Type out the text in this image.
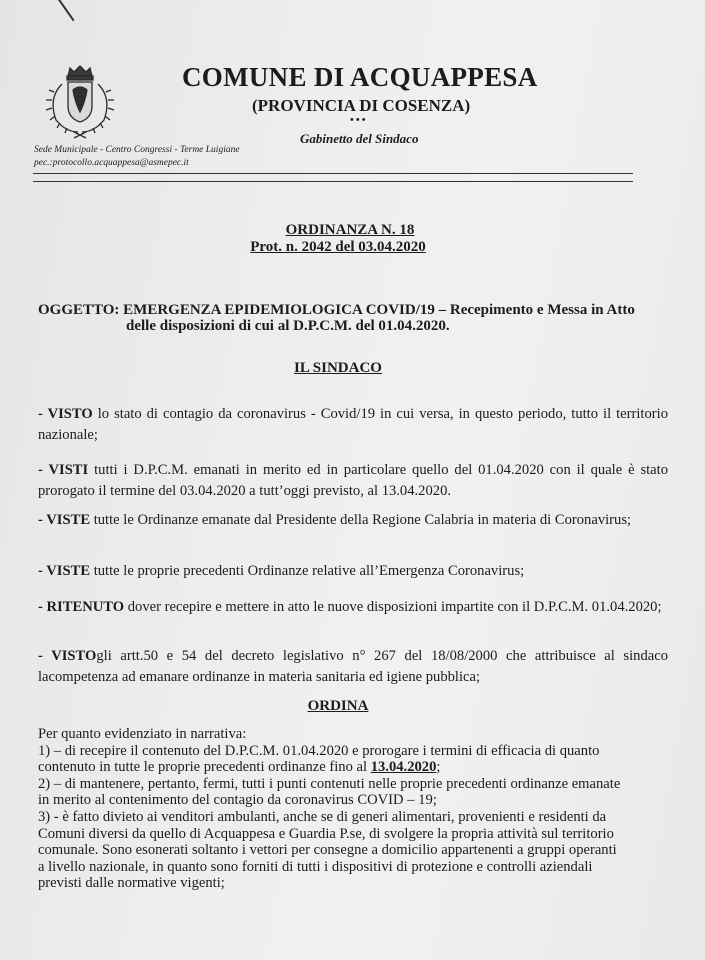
COMUNE DI ACQUAPPESA
(PROVINCIA DI COSENZA)
•••
Gabinetto del Sindaco
Sede Municipale - Centro Congressi - Terme Luigiane
pec.:protocollo.acquappesa@asmepec.it
ORDINANZA N. 18
Prot. n. 2042 del 03.04.2020
OGGETTO: EMERGENZA EPIDEMIOLOGICA COVID/19 – Recepimento e Messa in Atto
delle disposizioni di cui al D.P.C.M. del 01.04.2020.
IL SINDACO
- VISTO lo stato di contagio da coronavirus - Covid/19 in cui versa, in questo periodo, tutto il territorio nazionale;
- VISTI tutti i D.P.C.M. emanati in merito ed in particolare quello del 01.04.2020 con il quale è stato prorogato il termine del 03.04.2020 a tutt’oggi previsto, al 13.04.2020.
- VISTE tutte le Ordinanze emanate dal Presidente della Regione Calabria in materia di Coronavirus;
- VISTE tutte le proprie precedenti Ordinanze relative all’Emergenza Coronavirus;
- RITENUTO dover recepire e mettere in atto le nuove disposizioni impartite con il D.P.C.M. 01.04.2020;
- VISTOgli artt.50 e 54 del decreto legislativo n° 267 del 18/08/2000 che attribuisce al sindaco lacompetenza ad emanare ordinanze in materia sanitaria ed igiene pubblica;
ORDINA
Per quanto evidenziato in narrativa:
1) – di recepire il contenuto del D.P.C.M. 01.04.2020 e prorogare i termini di efficacia di quanto
contenuto in tutte le proprie precedenti ordinanze fino al 13.04.2020;
2) – di mantenere, pertanto, fermi, tutti i punti contenuti nelle proprie precedenti ordinanze emanate
in merito al contenimento del contagio da coronavirus COVID – 19;
3) - è fatto divieto ai venditori ambulanti, anche se di generi alimentari, provenienti e residenti da
Comuni diversi da quello di Acquappesa e Guardia P.se, di svolgere la propria attività sul territorio
comunale. Sono esonerati soltanto i vettori per consegne a domicilio appartenenti a gruppi operanti
a livello nazionale, in quanto sono forniti di tutti i dispositivi di protezione e controlli aziendali
previsti dalle normative vigenti;
